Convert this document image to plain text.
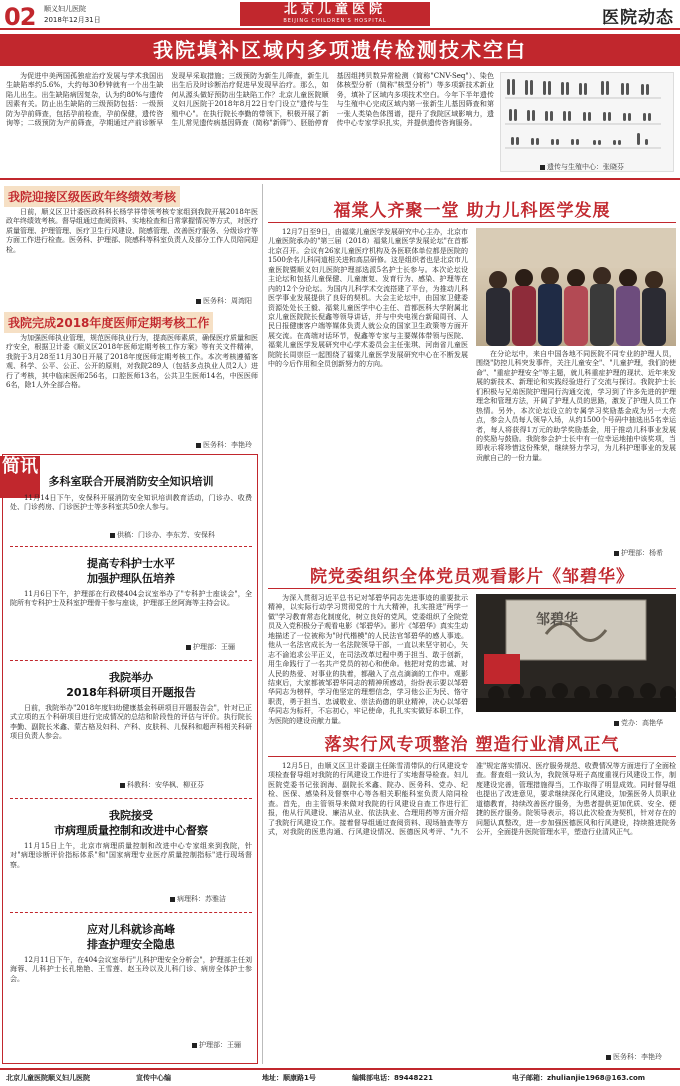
02 顺义妇儿医院
2018年12月31日
北京儿童医院
BEIJING CHILDREN'S HOSPITAL	医院动态
我院填补区域内多项遗传检测技术空白

为促进中美两国孤独症治疗发展与学术我国出生缺陷率约5.6%，大约每30秒钟就有一个出生缺陷儿出生。出生缺陷病因复杂，认为约80%与遗传因素有关。防止出生缺陷的三级预防包括：一级预防为孕前筛查，包括孕前检查，孕前保健，遗传咨询等；二级预防为产前筛查，孕期通过产前诊断早发现早采取措施；三级预防为新生儿筛查，新生儿出生后及时诊断治疗促进早发现早治疗。那么，如何从源头做好预防出生缺陷工作？北京儿童医院顺义妇儿医院于2018年8月22日专门设立"遗传与生殖中心"。在执行院长李勤的带领下，积极开展了新生儿常见遗传病基因筛查（简称"新筛"）、胚胎停育基因组拷贝数异常检测（简称"CNV-Seq"）、染色体核型分析（简称"核型分析"）等多项新技术新业务，填补了区域内多项技术空白。今年下半年遗传与生殖中心完成区域内第一张新生儿基因筛查和第一张人类染色体图谱，提升了我院区域影响力，遗传中心专家学识扎实，并提供遗传咨询服务。

遗传与生殖中心：张晓芬
我院迎接区级医政年终绩效考核

日前，顺义区卫计委医政科科长杨学祥带领考核专家组到我院开展2018年医政年终绩效考核。督导组通过查阅资料、实地检查和日常掌握情况等方式，对医疗质量管理、护理管理、医疗卫生行风建设、院感管理、改善医疗服务、分级诊疗等方面工作进行检查。医务科、护理部、院感科等科室负责人及部分工作人员陪同迎检。

医务科：周湾阳
我院完成2018年度医师定期考核工作

为加强医师执业管理，规范医师执业行为，提高医师素质，确保医疗质量和医疗安全，根据卫计委《顺义区2018年医师定期考核工作方案》等有关文件精神，我院于3月28至11月30日开展了2018年度医师定期考核工作。本次考核遵循客观、科学、公平、公正、公开的原则，对我院289人（包括多点执业人员2人）进行了考核，其中临床医师256名，口腔医师13名，公共卫生医师14名，中医医师6名，除1人外全部合格。

简讯
多科室联合开展消防安全知识培训

11月14日下午，安保科开展消防安全知识培训教育活动，门诊办、收费处、门诊药房、门诊医护士等多科室共50余人参与。

供稿：门诊办、李东芳、安保科
提高专科护士水平
加强护理队伍培养

11月6日下午，护理部在行政楼404会议室举办了"专科护士座谈会"，全院所有专科护士及科室护理骨干参与座谈，护理部王丝阿海等主持会议。

护理部：王骊
我院举办
2018年科研项目开题报告

日前，我院举办"2018年度妇幼健康基金科研项目开题报告会"，针对已正式立项的五个科研项目进行完成情况的总结和阶段性的评估与评价。执行院长李勤、副院长米鑫、蒙古格及妇科、产科、皮肤科、儿保科和超声科相关科研项目负责人参会。

科教科：安华枫、柳亚芬
我院接受
市病理质量控制和改进中心督察

11月15日上午，北京市病理质量控制和改进中心专家组来到我院，针对"病理诊断评价指标体系"和"国家病理专业医疗质量控制指标"进行现场督察。

病理科：苏雅洁
应对儿科就诊高峰
排查护理安全隐患

12月11日下午，在404会议室举行"儿科护理安全分析会"，护理部主任刘海蓉、儿科护士长孔艳艳、王雪莲、赵玉玲以及儿科门诊、病房全体护士参会。

护理部：王骊
福棠人齐聚一堂 助力儿科医学发展

12月7日至9日，由福棠儿童医学发展研究中心主办，北京市儿童医院承办的"第三届（2018）福棠儿童医学发展论坛"在首都北京召开。会议有26家儿童医疗机构及各医联体单位都是医院的1500余名儿科同道相关进和高层研修。这是组织者也是北京市儿童医院暨顺义妇儿医院护理部选派5名护士长参与。本次论坛设主论坛和包括儿童保健、儿童康复、发育行为、感染、护理等在内的12个分论坛。为国内儿科学术交流搭建了平台，为推动儿科医学事业发展提供了良好的契机。大会主论坛中，由国家卫健委资源处处长王毅、福棠儿童医学中心主任、首都医科大学附属北京儿童医院院长倪鑫等领导讲话，并与中央电视台新闻周刊、人民日报健康客户端等媒体负责人就公众的国家卫生政策等方面开展交流。在高端对话环节，倪鑫等专家与主要媒体带领与医院、福棠儿童医学发展研究中心学术委员会主任张琪、河南省儿童医院院长周崇臣一起围绕了福棠儿童医学发展研究中心在不断发展中的今后作用和全员创新努力的方向。

在分论坛中，来自中国各地不同医院不同专业的护理人员，围绕"防控儿科突发事件，关注儿童安全"、"儿童护理，我们的使命"、"重症护理安全"等主题，就儿科重症护理的现状、近年来发展的新技术、新理论和实践经验进行了交流与探讨。我院护士长们积极与兄弟医院护理同行沟通交流，学习到了许多先进的护理理念和管理方法，开阔了护理人员的思路，激发了护理人员工作热情。另外，本次论坛设立的专属学习奖励基金成为另一大亮点，参会人员每人领导入场，从约1500个号码中抽选出5名幸运者，每人将获得1万元的助学奖励基金，用于推动儿科事业发展的奖励与鼓励。我院参会护士长中有一位幸运地抽中该奖项，当即表示将珍惜这份殊荣，继续努力学习，为儿科护理事业的发展贡献自己的一份力量。

护理部：杨希
院党委组织全体党员观看影片《邹碧华》
邹碧华

为深入贯彻习近平总书记对邹碧华同志先进事迹的重要批示精神，以实际行动学习贯彻党的十九大精神，扎实推进"两学一做"学习教育常态化制度化，树立良好的党风，党委组织了全院党员及入党积极分子观看电影《邹碧华》。影片《邹碧华》真实生动地描述了一位被称为"时代楷模"的人民法官邹碧华的感人事迹。他从一名法官成长为一名法院领导干部，一直以来坚守初心，矢志不渝追求公平正义，在司法改革过程中勇于担当、敢于创新，用生命践行了一名共产党员的初心和使命。他把对党的忠诚、对人民的热爱、对事业的执着，都融入了点点滴滴的工作中。观影结束后，大家都被邹碧华同志的精神所感动，纷纷表示要以邹碧华同志为榜样，学习他坚定的理想信念，学习他公正为民、恪守职责，勇于担当、忠诚敬业、崇法尚德的职业精神，决心以邹碧华同志为标杆，不忘初心，牢记使命，扎扎实实做好本职工作，为医院的建设贡献力量。	党办：高艳华
落实行风专项整治 塑造行业清风正气

12月5日，由顺义区卫计委副主任陈雪清带队的行风建设专项检查督导组对我院的行风建设工作进行了实地督导检查。妇儿医院党委书记张润海、副院长米鑫、院办、医务科、党办、纪检、医保、感染科及督察中心等各相关职能科室负责人陪同检查。首先，由主管领导来做对我院的行风建设自查工作进行汇报，他从行风建设、廉洁从业、依法执业、合理用药等方面介绍了我院行风建设工作。接着督导组通过查阅资料、现场抽查等方式，对我院的医患沟通、行风建设情况、医德医风考评、"九不准"规定落实情况、医疗服务规范、收费情况等方面进行了全面检查。督查组一致认为，我院领导班子高度重视行风建设工作，制度建设完善，管理措施得当，工作取得了明显成效。同时督导组也提出了改进意见，要求继续深化行风建设，加强医务人员职业道德教育，持续改善医疗服务，为患者提供更加优质、安全、便捷的医疗服务。院领导表示，将以此次检查为契机，针对存在的问题认真整改，进一步加强医德医风和行风建设，持续推进院务公开，全面提升医院管理水平，塑造行业清风正气。

医务科：李艳玲
北京儿童医院顺义妇儿医院	宣传中心编	地址：顺康路1号	编辑部电话：89448221	电子邮箱：zhulianjie1968@163.com
医务科：李艳玲
